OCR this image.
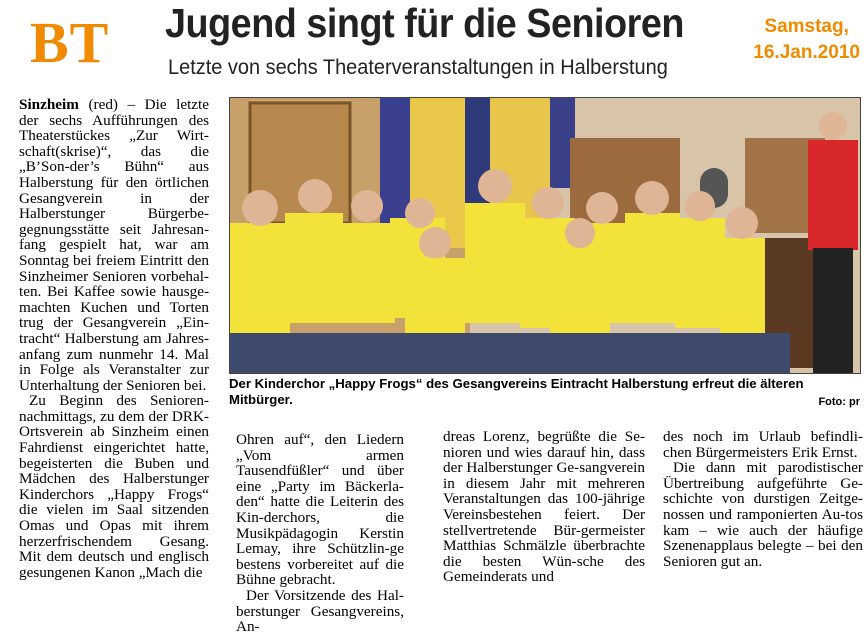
BT Jugend singt für die Senioren
Letzte von sechs Theaterveranstaltungen in Halberstung
Samstag,
16.Jan.2010

Sinzheim (red) – Die letzte der sechs Aufführungen des Theaterstückes „Zur Wirt-schaft(skrise)“, das die „B’Son-der’s Bühn“ aus Halberstung für den örtlichen Gesangverein in der Halberstunger Bürgerbe-gegnungsstätte seit Jahresan-fang gespielt hat, war am Sonntag bei freiem Eintritt den Sinzheimer Senioren vorbehal-ten. Bei Kaffee sowie hausge-machten Kuchen und Torten trug der Gesangverein „Ein-tracht“ Halberstung am Jahres-anfang zum nunmehr 14. Mal in Folge als Veranstalter zur Unterhaltung der Senioren bei.

Zu Beginn des Senioren-nachmittags, zu dem der DRK-Ortsverein ab Sinzheim einen Fahrdienst eingerichtet hatte, begeisterten die Buben und Mädchen des Halberstunger Kinderchors „Happy Frogs“ die vielen im Saal sitzenden Omas und Opas mit ihrem herzerfrischendem Gesang. Mit dem deutsch und englisch gesungenen Kanon „Mach die

Der Kinderchor „Happy Frogs“ des Gesangvereins Eintracht Halberstung erfreut die älteren Mitbürger.	Foto: pr

Ohren auf“, den Liedern „Vom armen Tausendfüßler“ und über eine „Party im Bäckerla-den“ hatte die Leiterin des Kin-derchors, die Musikpädagogin Kerstin Lemay, ihre Schützlin-ge bestens vorbereitet auf die Bühne gebracht.

Der Vorsitzende des Hal-berstunger Gesangvereins, An-

dreas Lorenz, begrüßte die Se-nioren und wies darauf hin, dass der Halberstunger Ge-sangverein in diesem Jahr mit mehreren Veranstaltungen das 100-jährige Vereinsbestehen feiert. Der stellvertretende Bür-germeister Matthias Schmälzle überbrachte die besten Wün-sche des Gemeinderats und

des noch im Urlaub befindli-chen Bürgermeisters Erik Ernst.

Die dann mit parodistischer Übertreibung aufgeführte Ge-schichte von durstigen Zeitge-nossen und ramponierten Au-tos kam – wie auch der häufige Szenenapplaus belegte – bei den Senioren gut an.
